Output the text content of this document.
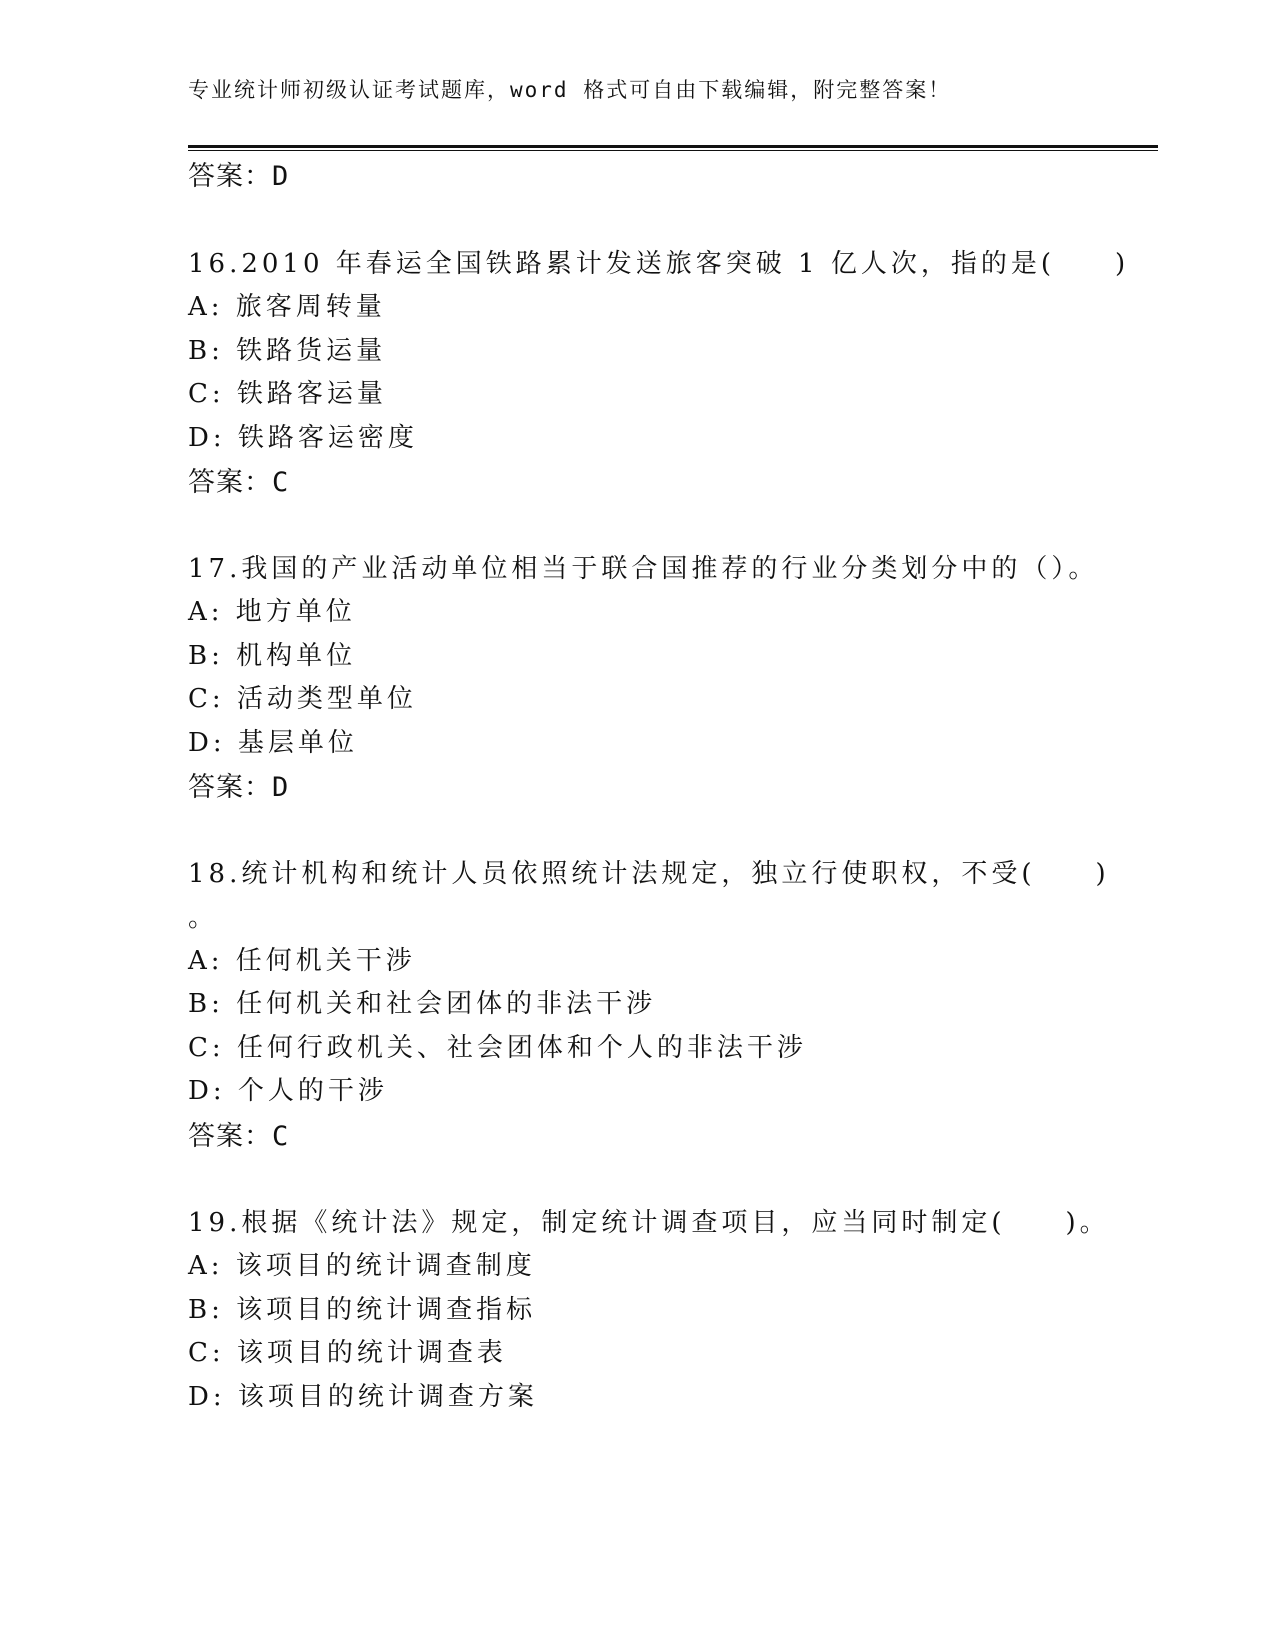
专业统计师初级认证考试题库，word 格式可自由下载编辑，附完整答案！
答案：D
16.2010 年春运全国铁路累计发送旅客突破 1 亿人次，指的是(　　)
A: 旅客周转量
B: 铁路货运量
C: 铁路客运量
D: 铁路客运密度
答案：C
17.我国的产业活动单位相当于联合国推荐的行业分类划分中的（）。
A: 地方单位
B: 机构单位
C: 活动类型单位
D: 基层单位
答案：D
18.统计机构和统计人员依照统计法规定，独立行使职权，不受(　　)
。
A: 任何机关干涉
B: 任何机关和社会团体的非法干涉
C: 任何行政机关、社会团体和个人的非法干涉
D: 个人的干涉
答案：C
19.根据《统计法》规定，制定统计调查项目，应当同时制定(　　)。
A: 该项目的统计调查制度
B: 该项目的统计调查指标
C: 该项目的统计调查表
D: 该项目的统计调查方案
